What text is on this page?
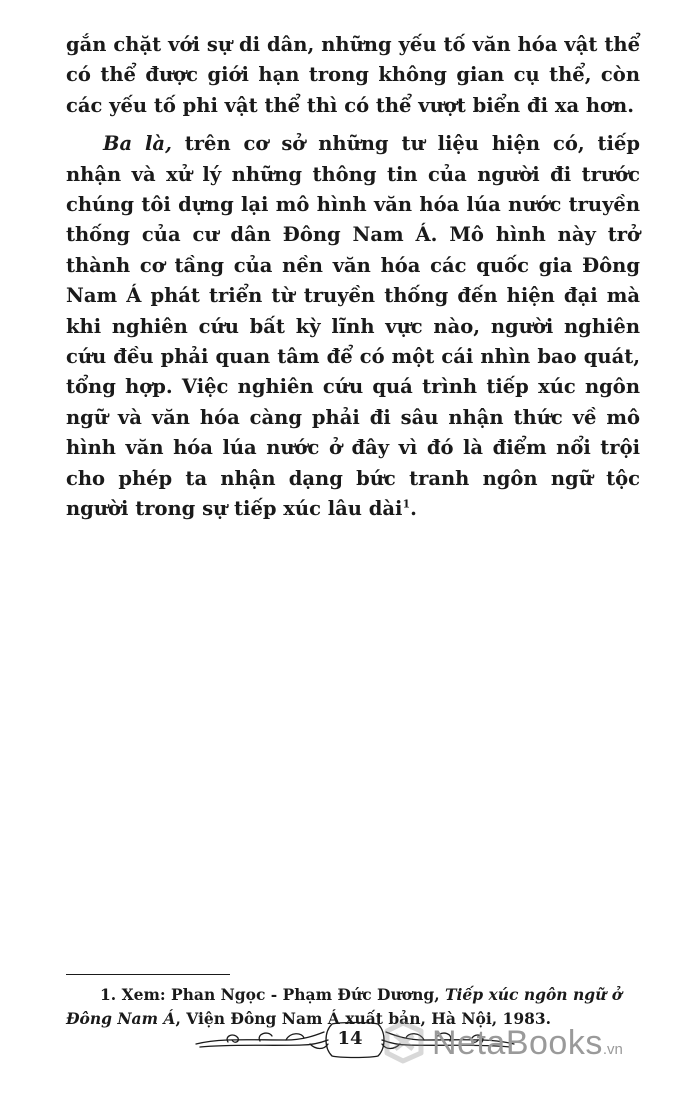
gắn chặt với sự di dân, những yếu tố văn hóa vật thể có thể được giới hạn trong không gian cụ thể, còn các yếu tố phi vật thể thì có thể vượt biển đi xa hơn.

Ba là, trên cơ sở những tư liệu hiện có, tiếp nhận và xử lý những thông tin của người đi trước chúng tôi dựng lại mô hình văn hóa lúa nước truyền thống của cư dân Đông Nam Á. Mô hình này trở thành cơ tầng của nền văn hóa các quốc gia Đông Nam Á phát triển từ truyền thống đến hiện đại mà khi nghiên cứu bất kỳ lĩnh vực nào, người nghiên cứu đều phải quan tâm để có một cái nhìn bao quát, tổng hợp. Việc nghiên cứu quá trình tiếp xúc ngôn ngữ và văn hóa càng phải đi sâu nhận thức về mô hình văn hóa lúa nước ở đây vì đó là điểm nổi trội cho phép ta nhận dạng bức tranh ngôn ngữ tộc người trong sự tiếp xúc lâu dài$^1$.

1. Xem: Phan Ngọc - Phạm Đức Dương, Tiếp xúc ngôn ngữ ở Đông Nam Á, Viện Đông Nam Á xuất bản, Hà Nội, 1983.
14 NetaBooks.vn
